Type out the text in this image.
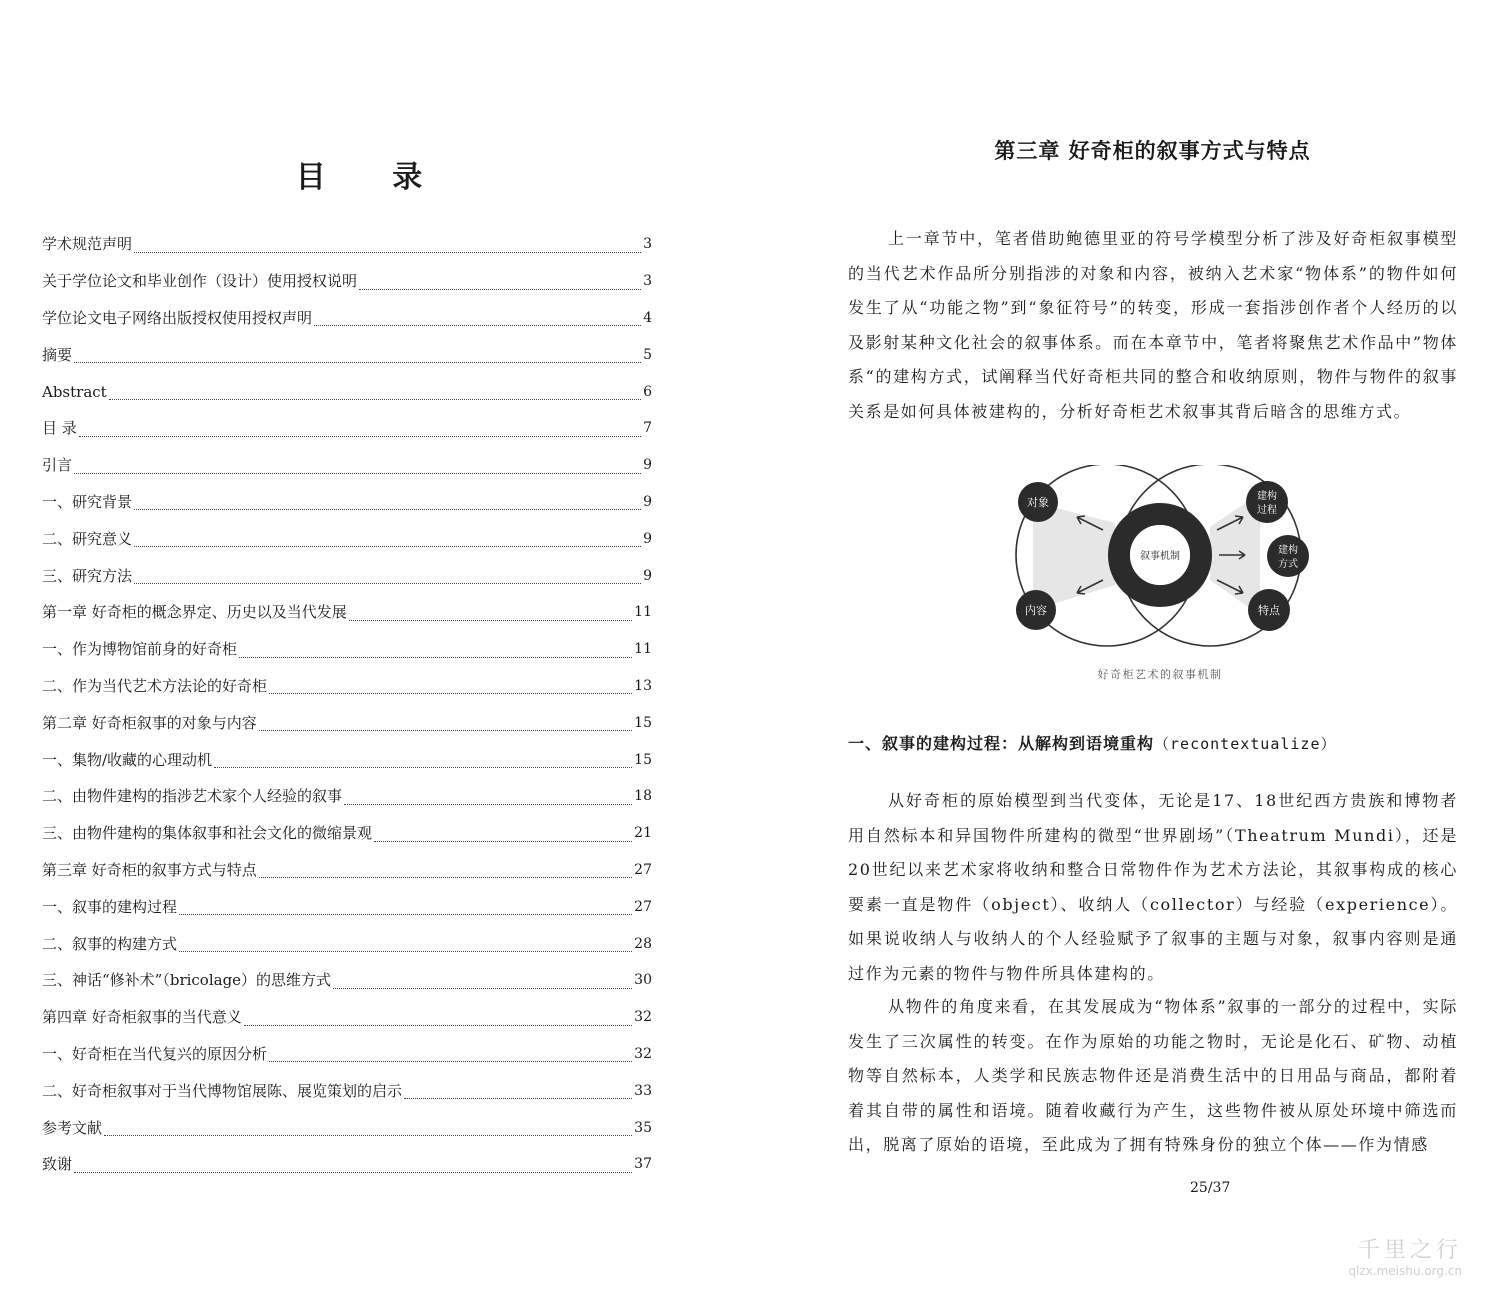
目 录
学术规范声明	3
关于学位论文和毕业创作（设计）使用授权说明	3
学位论文电子网络出版授权使用授权声明	4
摘要	5
Abstract	6
目 录	7
引言	9
一、研究背景	9
二、研究意义	9
三、研究方法	9
第一章 好奇柜的概念界定、历史以及当代发展	11
一、作为博物馆前身的好奇柜	11
二、作为当代艺术方法论的好奇柜	13
第二章 好奇柜叙事的对象与内容	15
一、集物/收藏的心理动机	15
二、由物件建构的指涉艺术家个人经验的叙事	18
三、由物件建构的集体叙事和社会文化的微缩景观	21
第三章 好奇柜的叙事方式与特点	27
一、叙事的建构过程	27
二、叙事的构建方式	28
三、神话“修补术”（bricolage）的思维方式	30
第四章 好奇柜叙事的当代意义	32
一、好奇柜在当代复兴的原因分析	32
二、好奇柜叙事对于当代博物馆展陈、展览策划的启示	33
参考文献	35
致谢	37
第三章 好奇柜的叙事方式与特点

上一章节中，笔者借助鲍德里亚的符号学模型分析了涉及好奇柜叙事模型的当代艺术作品所分别指涉的对象和内容，被纳入艺术家“物体系”的物件如何发生了从“功能之物”到“象征符号”的转变，形成一套指涉创作者个人经历的以及影射某种文化社会的叙事体系。而在本章节中，笔者将聚焦艺术作品中”物体系“的建构方式，试阐释当代好奇柜共同的整合和收纳原则，物件与物件的叙事关系是如何具体被建构的，分析好奇柜艺术叙事其背后暗含的思维方式。

叙事机制
对象
内容
建构
过程
建构
方式
特点
好奇柜艺术的叙事机制
一、叙事的建构过程：从解构到语境重构（recontextualize）

从好奇柜的原始模型到当代变体，无论是17、18世纪西方贵族和博物者用自然标本和异国物件所建构的微型“世界剧场”（Theatrum Mundi），还是20世纪以来艺术家将收纳和整合日常物件作为艺术方法论，其叙事构成的核心要素一直是物件（object）、收纳人（collector）与经验（experience）。如果说收纳人与收纳人的个人经验赋予了叙事的主题与对象，叙事内容则是通过作为元素的物件与物件所具体建构的。

从物件的角度来看，在其发展成为“物体系”叙事的一部分的过程中，实际发生了三次属性的转变。在作为原始的功能之物时，无论是化石、矿物、动植物等自然标本，人类学和民族志物件还是消费生活中的日用品与商品，都附着着其自带的属性和语境。随着收藏行为产生，这些物件被从原处环境中筛选而出，脱离了原始的语境，至此成为了拥有特殊身份的独立个体——作为情感

25/37
千里之行
qlzx.meishu.org.cn
